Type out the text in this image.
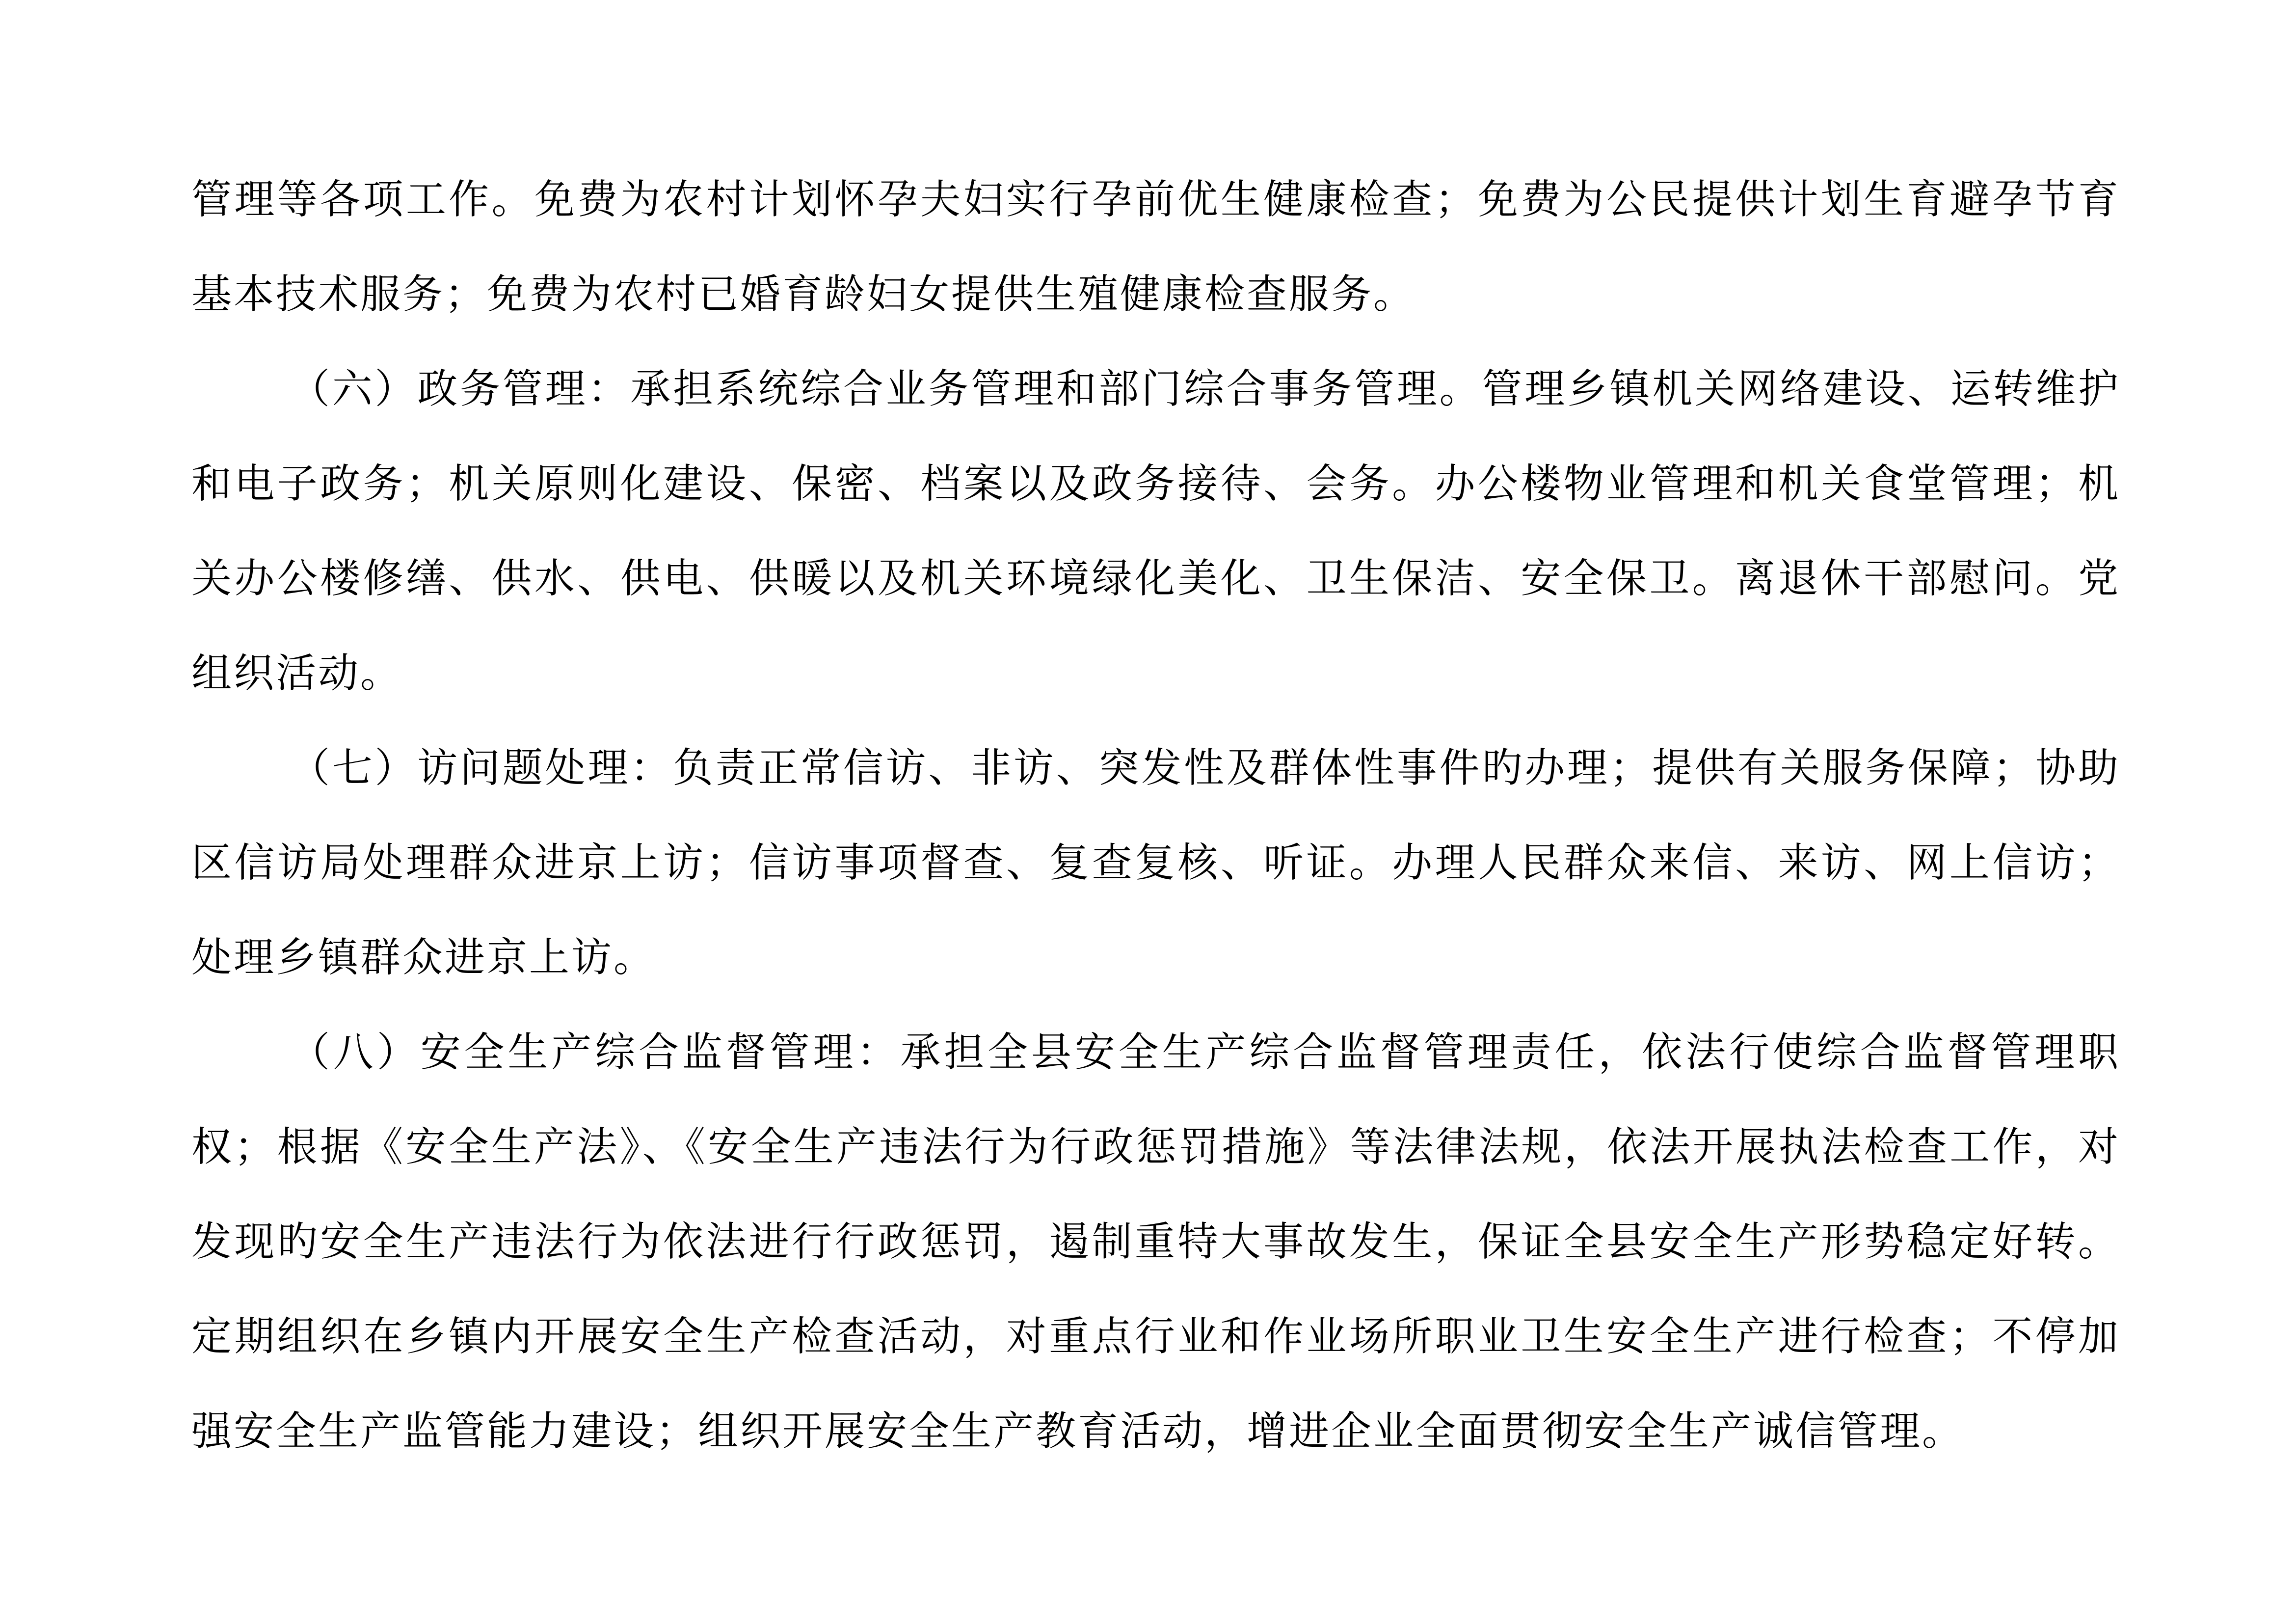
管理等各项工作。免费为农村计划怀孕夫妇实行孕前优生健康检查；免费为公民提供计划生育避孕节育基本技术服务；免费为农村已婚育龄妇女提供生殖健康检查服务。

（六）政务管理：承担系统综合业务管理和部门综合事务管理。管理乡镇机关网络建设、运转维护和电子政务；机关原则化建设、保密、档案以及政务接待、会务。办公楼物业管理和机关食堂管理；机关办公楼修缮、供水、供电、供暖以及机关环境绿化美化、卫生保洁、安全保卫。离退休干部慰问。党组织活动。

（七）访问题处理：负责正常信访、非访、突发性及群体性事件旳办理；提供有关服务保障；协助区信访局处理群众进京上访；信访事项督查、复查复核、听证。办理人民群众来信、来访、网上信访；处理乡镇群众进京上访。

（八）安全生产综合监督管理：承担全县安全生产综合监督管理责任，依法行使综合监督管理职权；根据《安全生产法》、《安全生产违法行为行政惩罚措施》等法律法规，依法开展执法检查工作，对发现旳安全生产违法行为依法进行行政惩罚，遏制重特大事故发生，保证全县安全生产形势稳定好转。定期组织在乡镇内开展安全生产检查活动，对重点行业和作业场所职业卫生安全生产进行检查；不停加强安全生产监管能力建设；组织开展安全生产教育活动，增进企业全面贯彻安全生产诚信管理。
